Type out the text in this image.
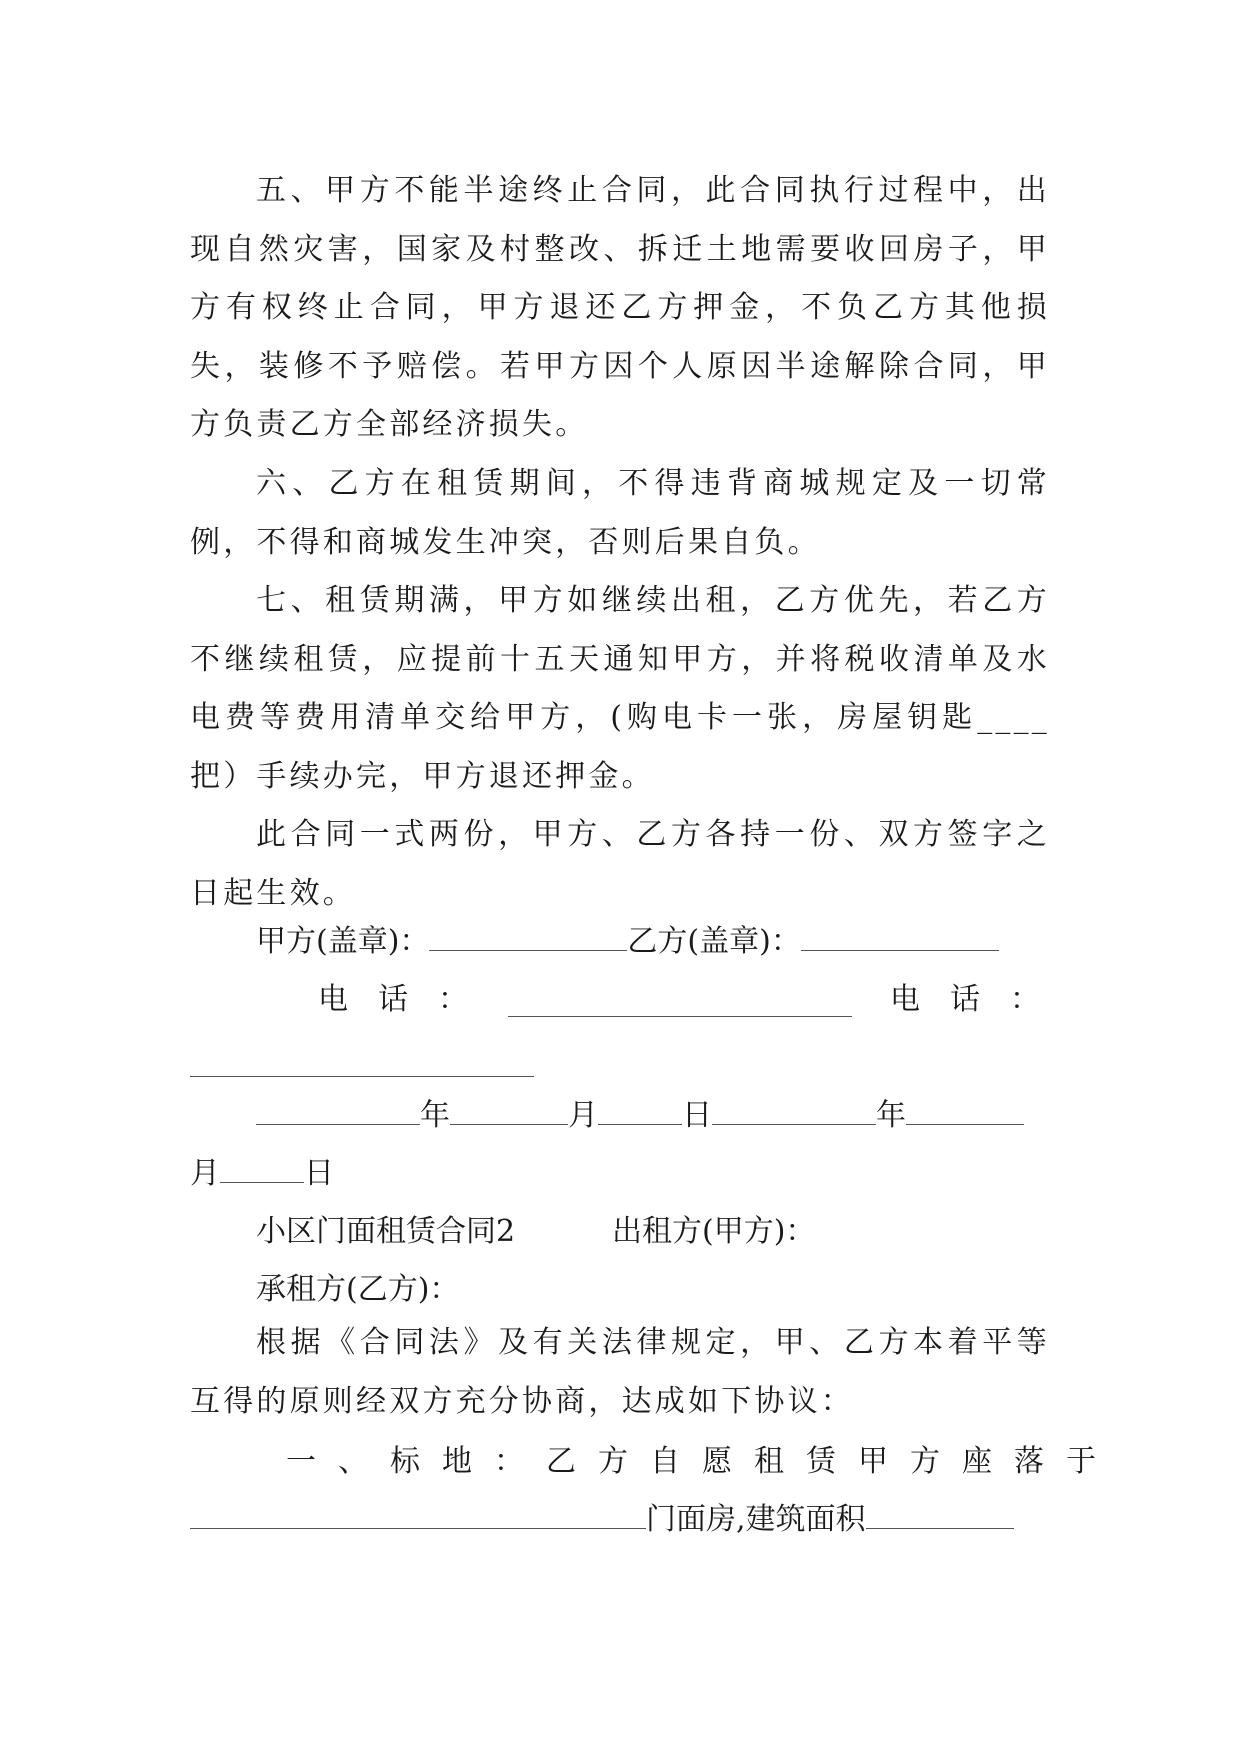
五、甲方不能半途终止合同，此合同执行过程中，出现自然灾害，国家及村整改、拆迁土地需要收回房子，甲方有权终止合同，甲方退还乙方押金，不负乙方其他损失，装修不予赔偿。若甲方因个人原因半途解除合同，甲方负责乙方全部经济损失。

六、乙方在租赁期间，不得违背商城规定及一切常例，不得和商城发生冲突，否则后果自负。

七、租赁期满，甲方如继续出租，乙方优先，若乙方不继续租赁，应提前十五天通知甲方，并将税收清单及水电费等费用清单交给甲方，(购电卡一张，房屋钥匙____把）手续办完，甲方退还押金。

此合同一式两份，甲方、乙方各持一份、双方签字之日起生效。

甲方(盖章)：	乙方(盖章)：
电　话　：	电　话　：
年	月	日	年
月	日
小区门面租赁合同2	出租方(甲方)：
承租方(乙方)：

根据《合同法》及有关法律规定，甲、乙方本着平等互得的原则经双方充分协商，达成如下协议：

一、标地：乙方自愿租赁甲方座落于
门面房,建筑面积
